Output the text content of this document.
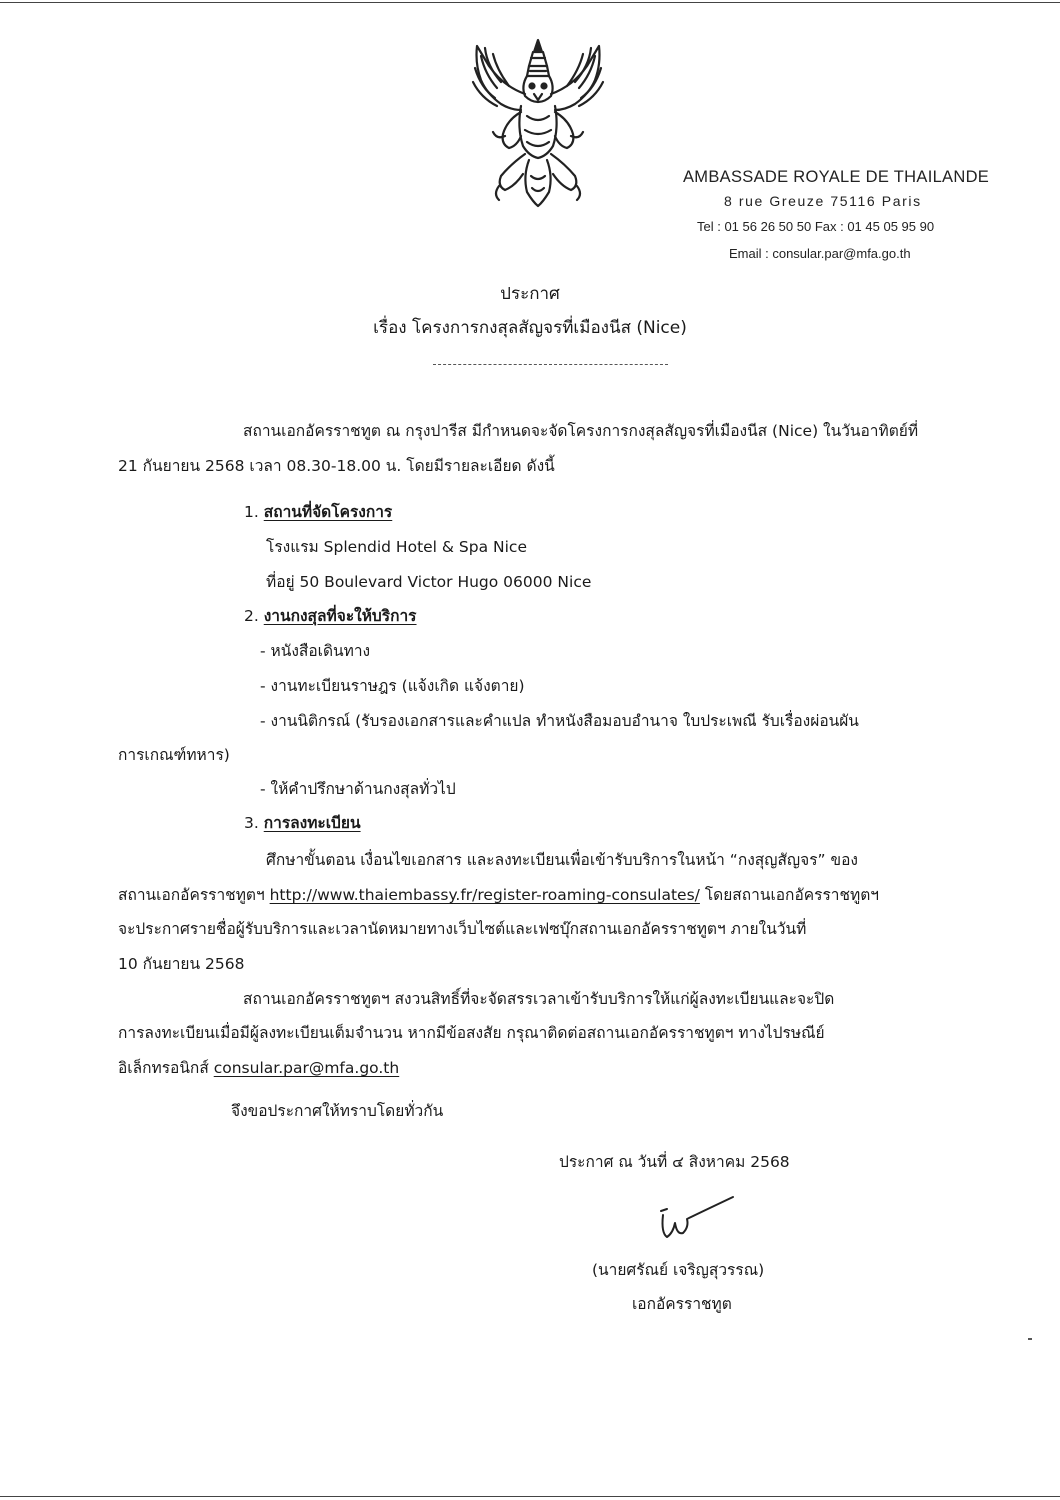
AMBASSADE ROYALE DE THAILANDE
8 rue Greuze 75116 Paris
Tel : 01 56 26 50 50 Fax : 01 45 05 95 90
Email : consular.par@mfa.go.th
ประกาศ
เรื่อง โครงการกงสุลสัญจรที่เมืองนีส (Nice)
สถานเอกอัครราชทูต ณ กรุงปารีส มีกำหนดจะจัดโครงการกงสุลสัญจรที่เมืองนีส (Nice) ในวันอาทิตย์ที่
21 กันยายน 2568 เวลา 08.30-18.00 น. โดยมีรายละเอียด ดังนี้
1. สถานที่จัดโครงการ
โรงแรม Splendid Hotel & Spa Nice
ที่อยู่ 50 Boulevard Victor Hugo 06000 Nice
2. งานกงสุลที่จะให้บริการ
- หนังสือเดินทาง
- งานทะเบียนราษฎร (แจ้งเกิด แจ้งตาย)
- งานนิติกรณ์ (รับรองเอกสารและคำแปล ทำหนังสือมอบอำนาจ ใบประเพณี รับเรื่องผ่อนผัน
การเกณฑ์ทหาร)
- ให้คำปรึกษาด้านกงสุลทั่วไป
3. การลงทะเบียน
ศึกษาขั้นตอน เงื่อนไขเอกสาร และลงทะเบียนเพื่อเข้ารับบริการในหน้า “กงสุญสัญจร” ของ
สถานเอกอัครราชทูตฯ http://www.thaiembassy.fr/register-roaming-consulates/ โดยสถานเอกอัครราชทูตฯ
จะประกาศรายชื่อผู้รับบริการและเวลานัดหมายทางเว็บไซต์และเฟซบุ๊กสถานเอกอัครราชทูตฯ ภายในวันที่
10 กันยายน 2568
สถานเอกอัครราชทูตฯ สงวนสิทธิ์ที่จะจัดสรรเวลาเข้ารับบริการให้แก่ผู้ลงทะเบียนและจะปิด
การลงทะเบียนเมื่อมีผู้ลงทะเบียนเต็มจำนวน หากมีข้อสงสัย กรุณาติดต่อสถานเอกอัครราชทูตฯ ทางไปรษณีย์
อิเล็กทรอนิกส์ consular.par@mfa.go.th
จึงขอประกาศให้ทราบโดยทั่วกัน
ประกาศ ณ วันที่ ๔ สิงหาคม 2568
(นายศรัณย์ เจริญสุวรรณ)
เอกอัครราชทูต
